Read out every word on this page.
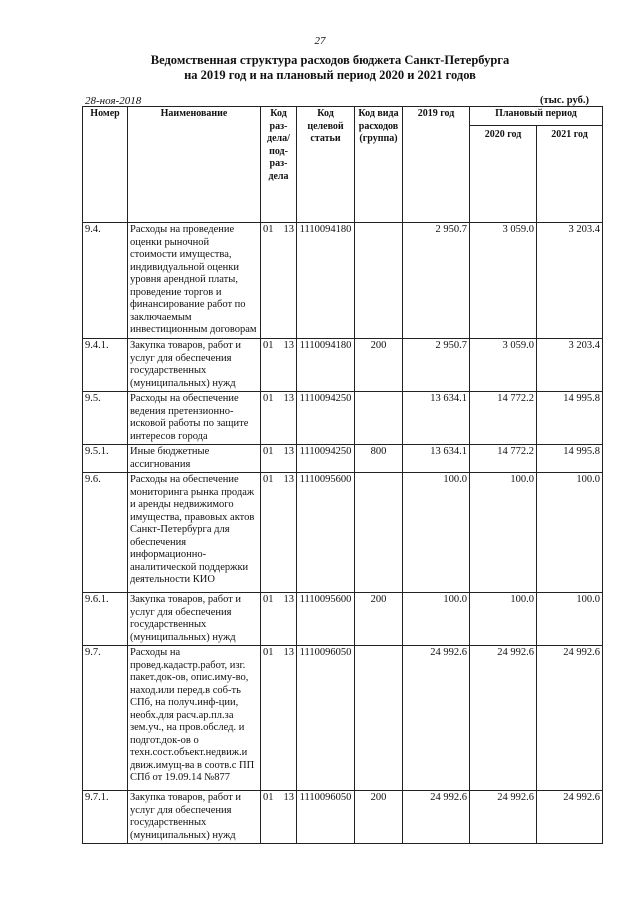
27
Ведомственная структура расходов бюджета Санкт-Петербурга
на 2019 год и на плановый период 2020 и 2021 годов
28-ноя-2018	(тыс. руб.)
Номер	Наименование	Код раз-дела/ под-раз-дела	Код целевой статьи	Код вида расходов (группа)	2019 год	Плановый период	
						2020 год	2021 год
9.4.	Расходы на проведение оценки рыночной стоимости имущества, индивидуальной оценки уровня арендной платы, проведение торгов и финансирование работ по заключаемым инвестиционным договорам	01 13	1110094180		2 950.7	3 059.0	3 203.4
9.4.1.	Закупка товаров, работ и услуг для обеспечения государственных (муниципальных) нужд	01 13	1110094180	200	2 950.7	3 059.0	3 203.4
9.5.	Расходы на обеспечение ведения претензионно-исковой работы по защите интересов города	01 13	1110094250		13 634.1	14 772.2	14 995.8
9.5.1.	Иные бюджетные ассигнования	01 13	1110094250	800	13 634.1	14 772.2	14 995.8
9.6.	Расходы на обеспечение мониторинга рынка продаж и аренды недвижимого имущества, правовых актов Санкт-Петербурга для обеспечения информационно-аналитической поддержки деятельности КИО	01 13	1110095600		100.0	100.0	100.0
9.6.1.	Закупка товаров, работ и услуг для обеспечения государственных (муниципальных) нужд	01 13	1110095600	200	100.0	100.0	100.0
9.7.	Расходы на провед.кадастр.работ, изг. пакет.док-ов, опис.иму-во, наход.или перед.в соб-ть СПб, на получ.инф-ции, необх.для расч.ар.пл.за зем.уч., на пров.обслед. и подгот.док-ов о техн.сост.объект.недвиж.и движ.имущ-ва в соотв.с ПП СПб от 19.09.14 №877	01 13	1110096050		24 992.6	24 992.6	24 992.6
9.7.1.	Закупка товаров, работ и услуг для обеспечения государственных (муниципальных) нужд	01 13	1110096050	200	24 992.6	24 992.6	24 992.6
